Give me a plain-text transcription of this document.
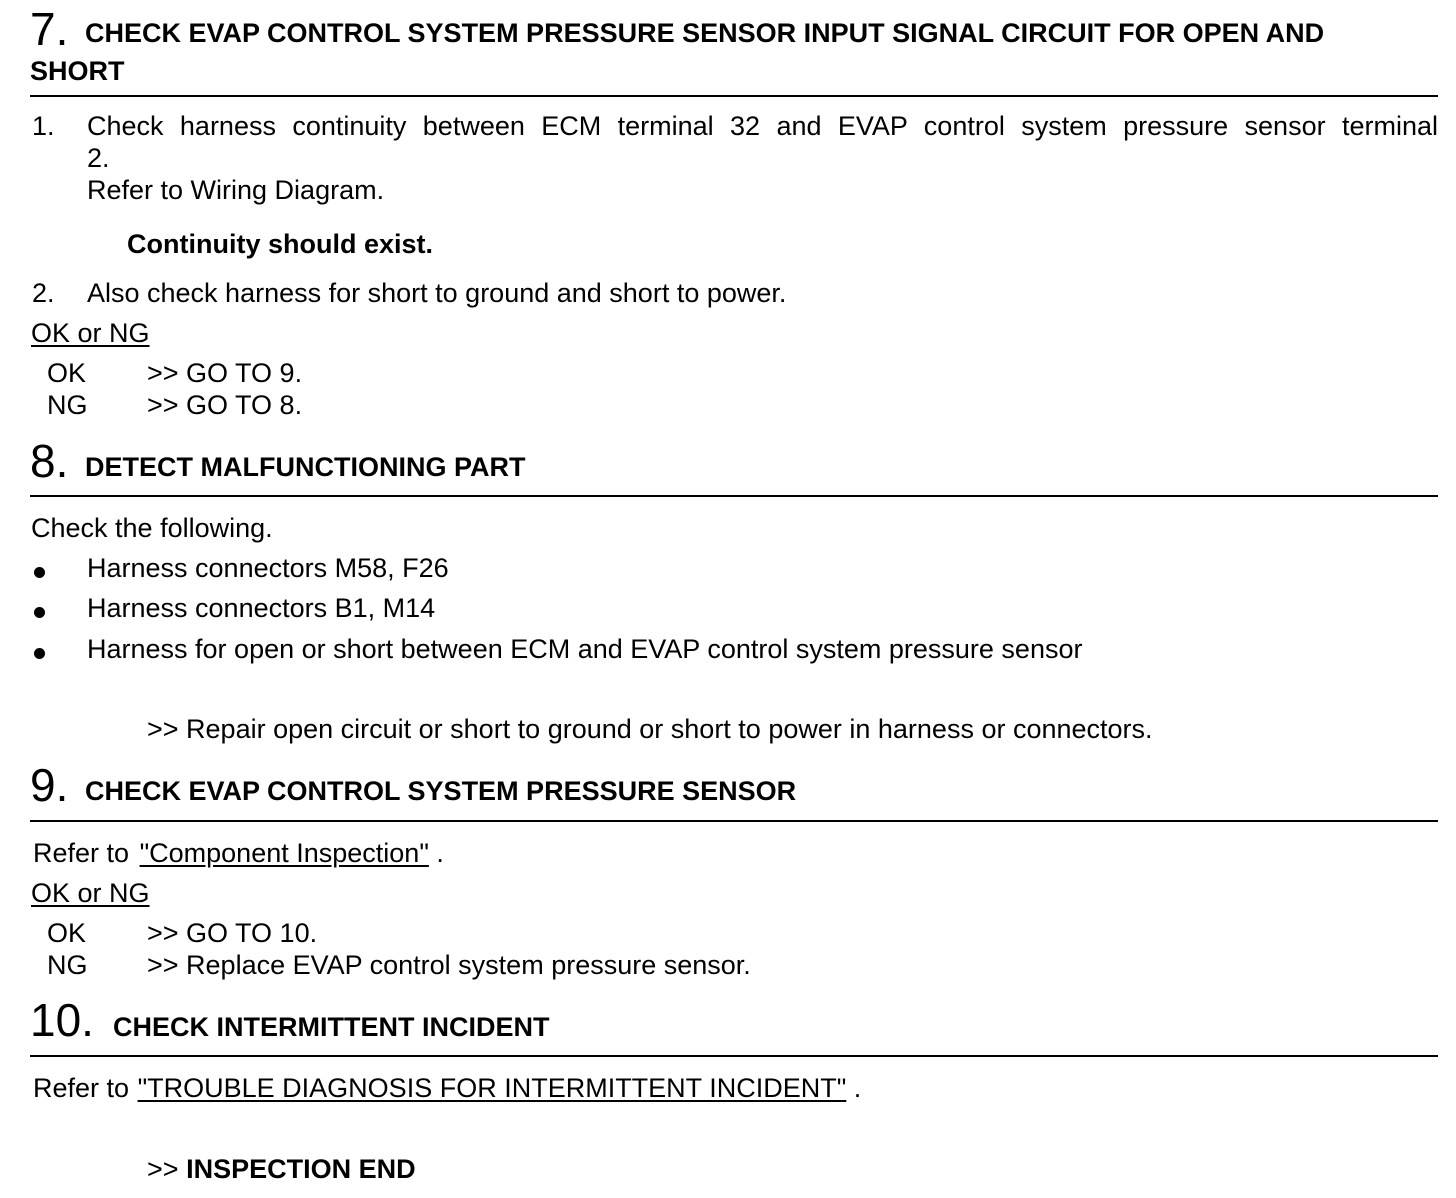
7. CHECK EVAP CONTROL SYSTEM PRESSURE SENSOR INPUT SIGNAL CIRCUIT FOR OPEN AND
SHORT
1. Check harness continuity between ECM terminal 32 and EVAP control system pressure sensor terminal
2.
Refer to Wiring Diagram.
Continuity should exist.
2. Also check harness for short to ground and short to power.
OK or NG
OK >> GO TO 9.
NG >> GO TO 8.
8. DETECT MALFUNCTIONING PART
Check the following.
Harness connectors M58, F26
Harness connectors B1, M14
Harness for open or short between ECM and EVAP control system pressure sensor
>> Repair open circuit or short to ground or short to power in harness or connectors.
9. CHECK EVAP CONTROL SYSTEM PRESSURE SENSOR
Refer to "Component Inspection" .
OK or NG
OK >> GO TO 10.
NG >> Replace EVAP control system pressure sensor.
10. CHECK INTERMITTENT INCIDENT
Refer to "TROUBLE DIAGNOSIS FOR INTERMITTENT INCIDENT" .
>> INSPECTION END
